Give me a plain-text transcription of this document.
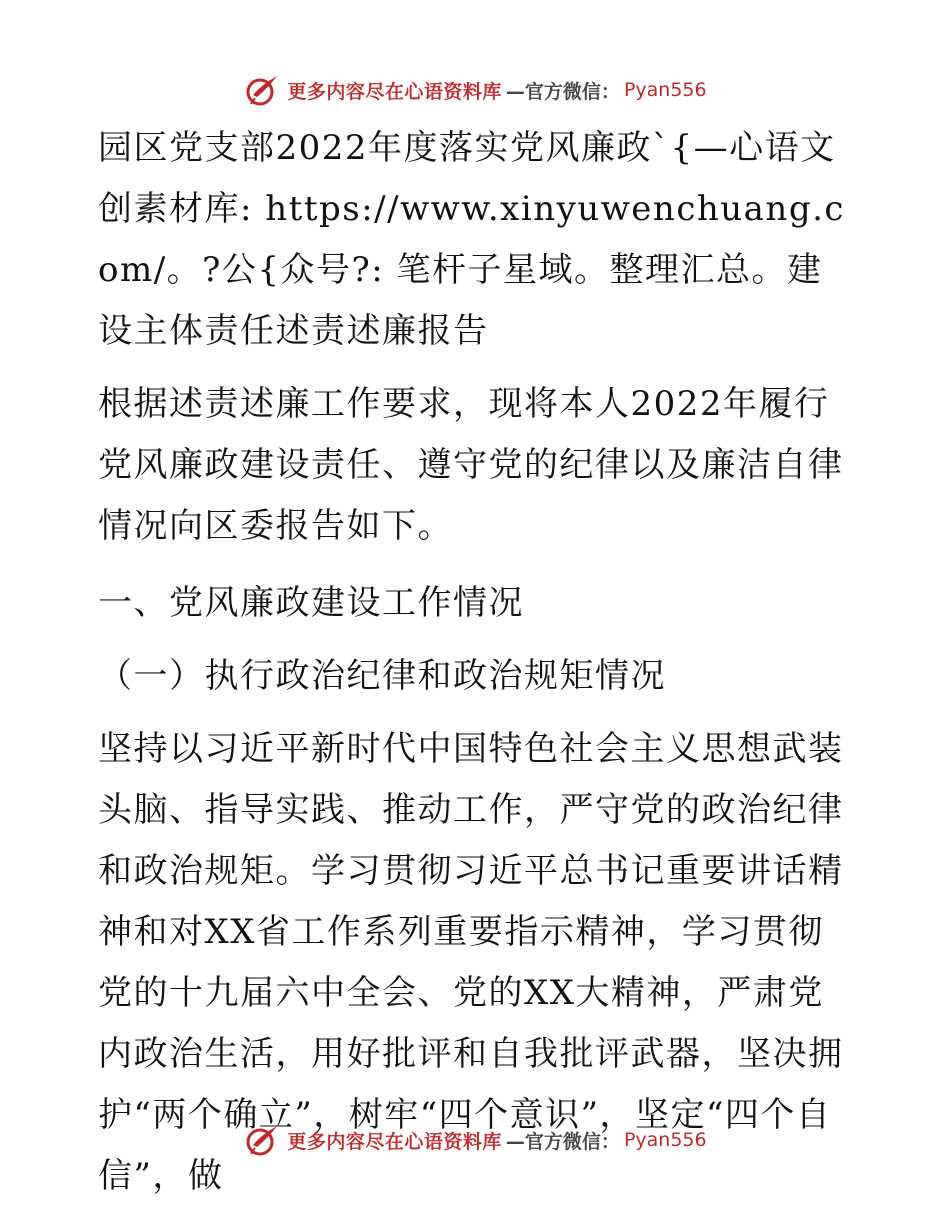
更多内容尽在心语资料库 —官方微信： Pyan556

园区党支部2022年度落实党风廉政`{—心语文创素材库: https://www.xinyuwenchuang.com/。?公{众号?: 笔杆子星域。整理汇总。建设主体责任述责述廉报告

根据述责述廉工作要求，现将本人2022年履行党风廉政建设责任、遵守党的纪律以及廉洁自律情况向区委报告如下。

一、党风廉政建设工作情况

（一）执行政治纪律和政治规矩情况

坚持以习近平新时代中国特色社会主义思想武装头脑、指导实践、推动工作，严守党的政治纪律和政治规矩。学习贯彻习近平总书记重要讲话精神和对XX省工作系列重要指示精神，学习贯彻党的十九届六中全会、党的XX大精神，严肃党内政治生活，用好批评和自我批评武器，坚决拥护“两个确立”，树牢“四个意识”，坚定“四个自信”，做

更多内容尽在心语资料库 —官方微信： Pyan556
